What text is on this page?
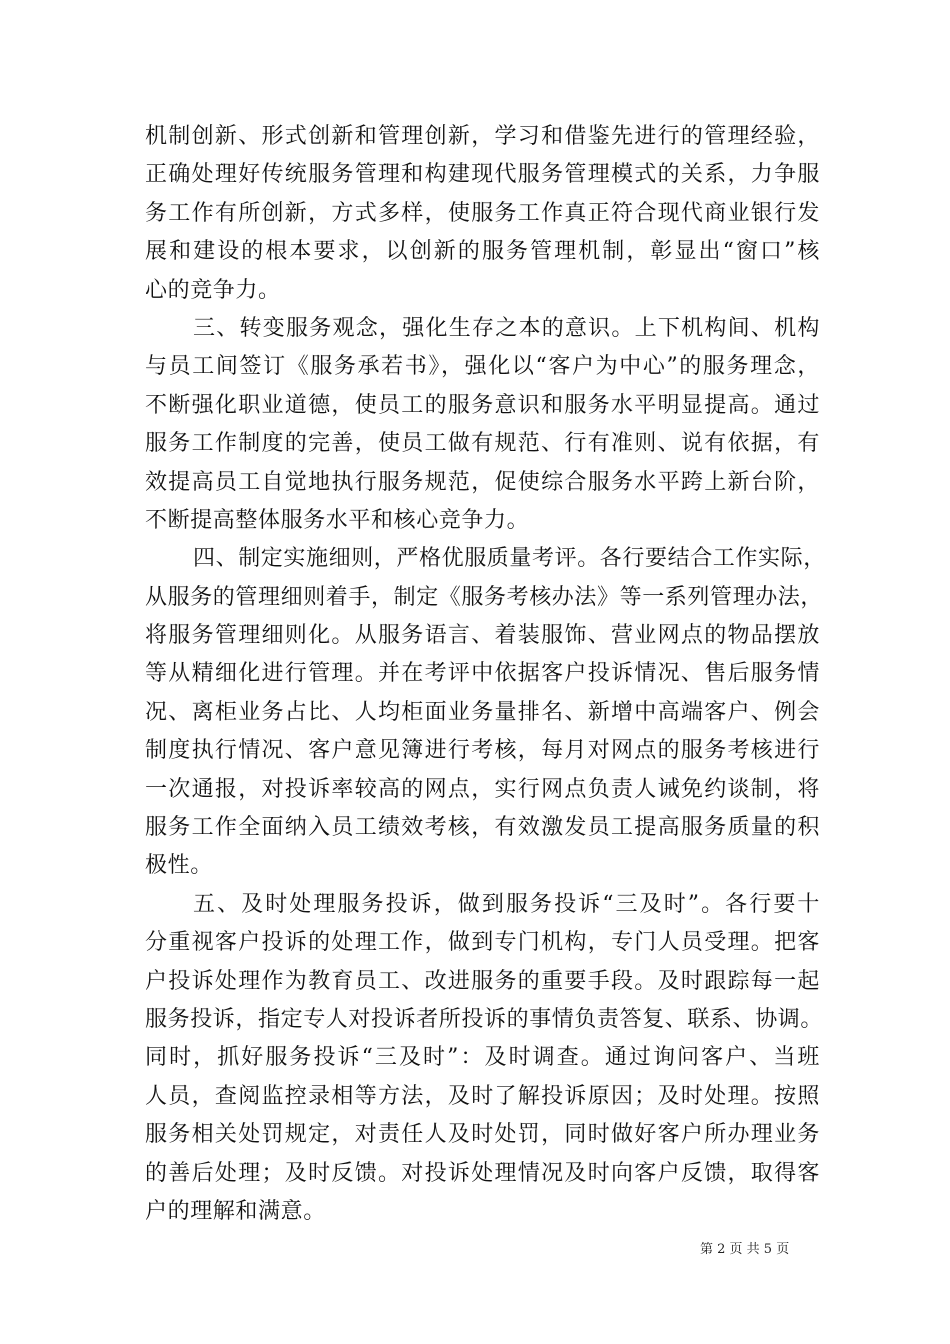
机制创新、形式创新和管理创新，学习和借鉴先进行的管理经验，
正确处理好传统服务管理和构建现代服务管理模式的关系，力争服
务工作有所创新，方式多样，使服务工作真正符合现代商业银行发
展和建设的根本要求，以创新的服务管理机制，彰显出“窗口”核
心的竞争力。
三、转变服务观念，强化生存之本的意识。上下机构间、机构
与员工间签订《服务承若书》，强化以“客户为中心”的服务理念，
不断强化职业道德，使员工的服务意识和服务水平明显提高。通过
服务工作制度的完善，使员工做有规范、行有准则、说有依据，有
效提高员工自觉地执行服务规范，促使综合服务水平跨上新台阶，
不断提高整体服务水平和核心竞争力。
四、制定实施细则，严格优服质量考评。各行要结合工作实际，
从服务的管理细则着手，制定《服务考核办法》等一系列管理办法，
将服务管理细则化。从服务语言、着装服饰、营业网点的物品摆放
等从精细化进行管理。并在考评中依据客户投诉情况、售后服务情
况、离柜业务占比、人均柜面业务量排名、新增中高端客户、例会
制度执行情况、客户意见簿进行考核，每月对网点的服务考核进行
一次通报，对投诉率较高的网点，实行网点负责人诫免约谈制，将
服务工作全面纳入员工绩效考核，有效激发员工提高服务质量的积
极性。
五、及时处理服务投诉，做到服务投诉“三及时”。各行要十
分重视客户投诉的处理工作，做到专门机构，专门人员受理。把客
户投诉处理作为教育员工、改进服务的重要手段。及时跟踪每一起
服务投诉，指定专人对投诉者所投诉的事情负责答复、联系、协调。
同时，抓好服务投诉“三及时”：及时调查。通过询问客户、当班
人员，查阅监控录相等方法，及时了解投诉原因；及时处理。按照
服务相关处罚规定，对责任人及时处罚，同时做好客户所办理业务
的善后处理；及时反馈。对投诉处理情况及时向客户反馈，取得客
户的理解和满意。
第 2 页 共 5 页
